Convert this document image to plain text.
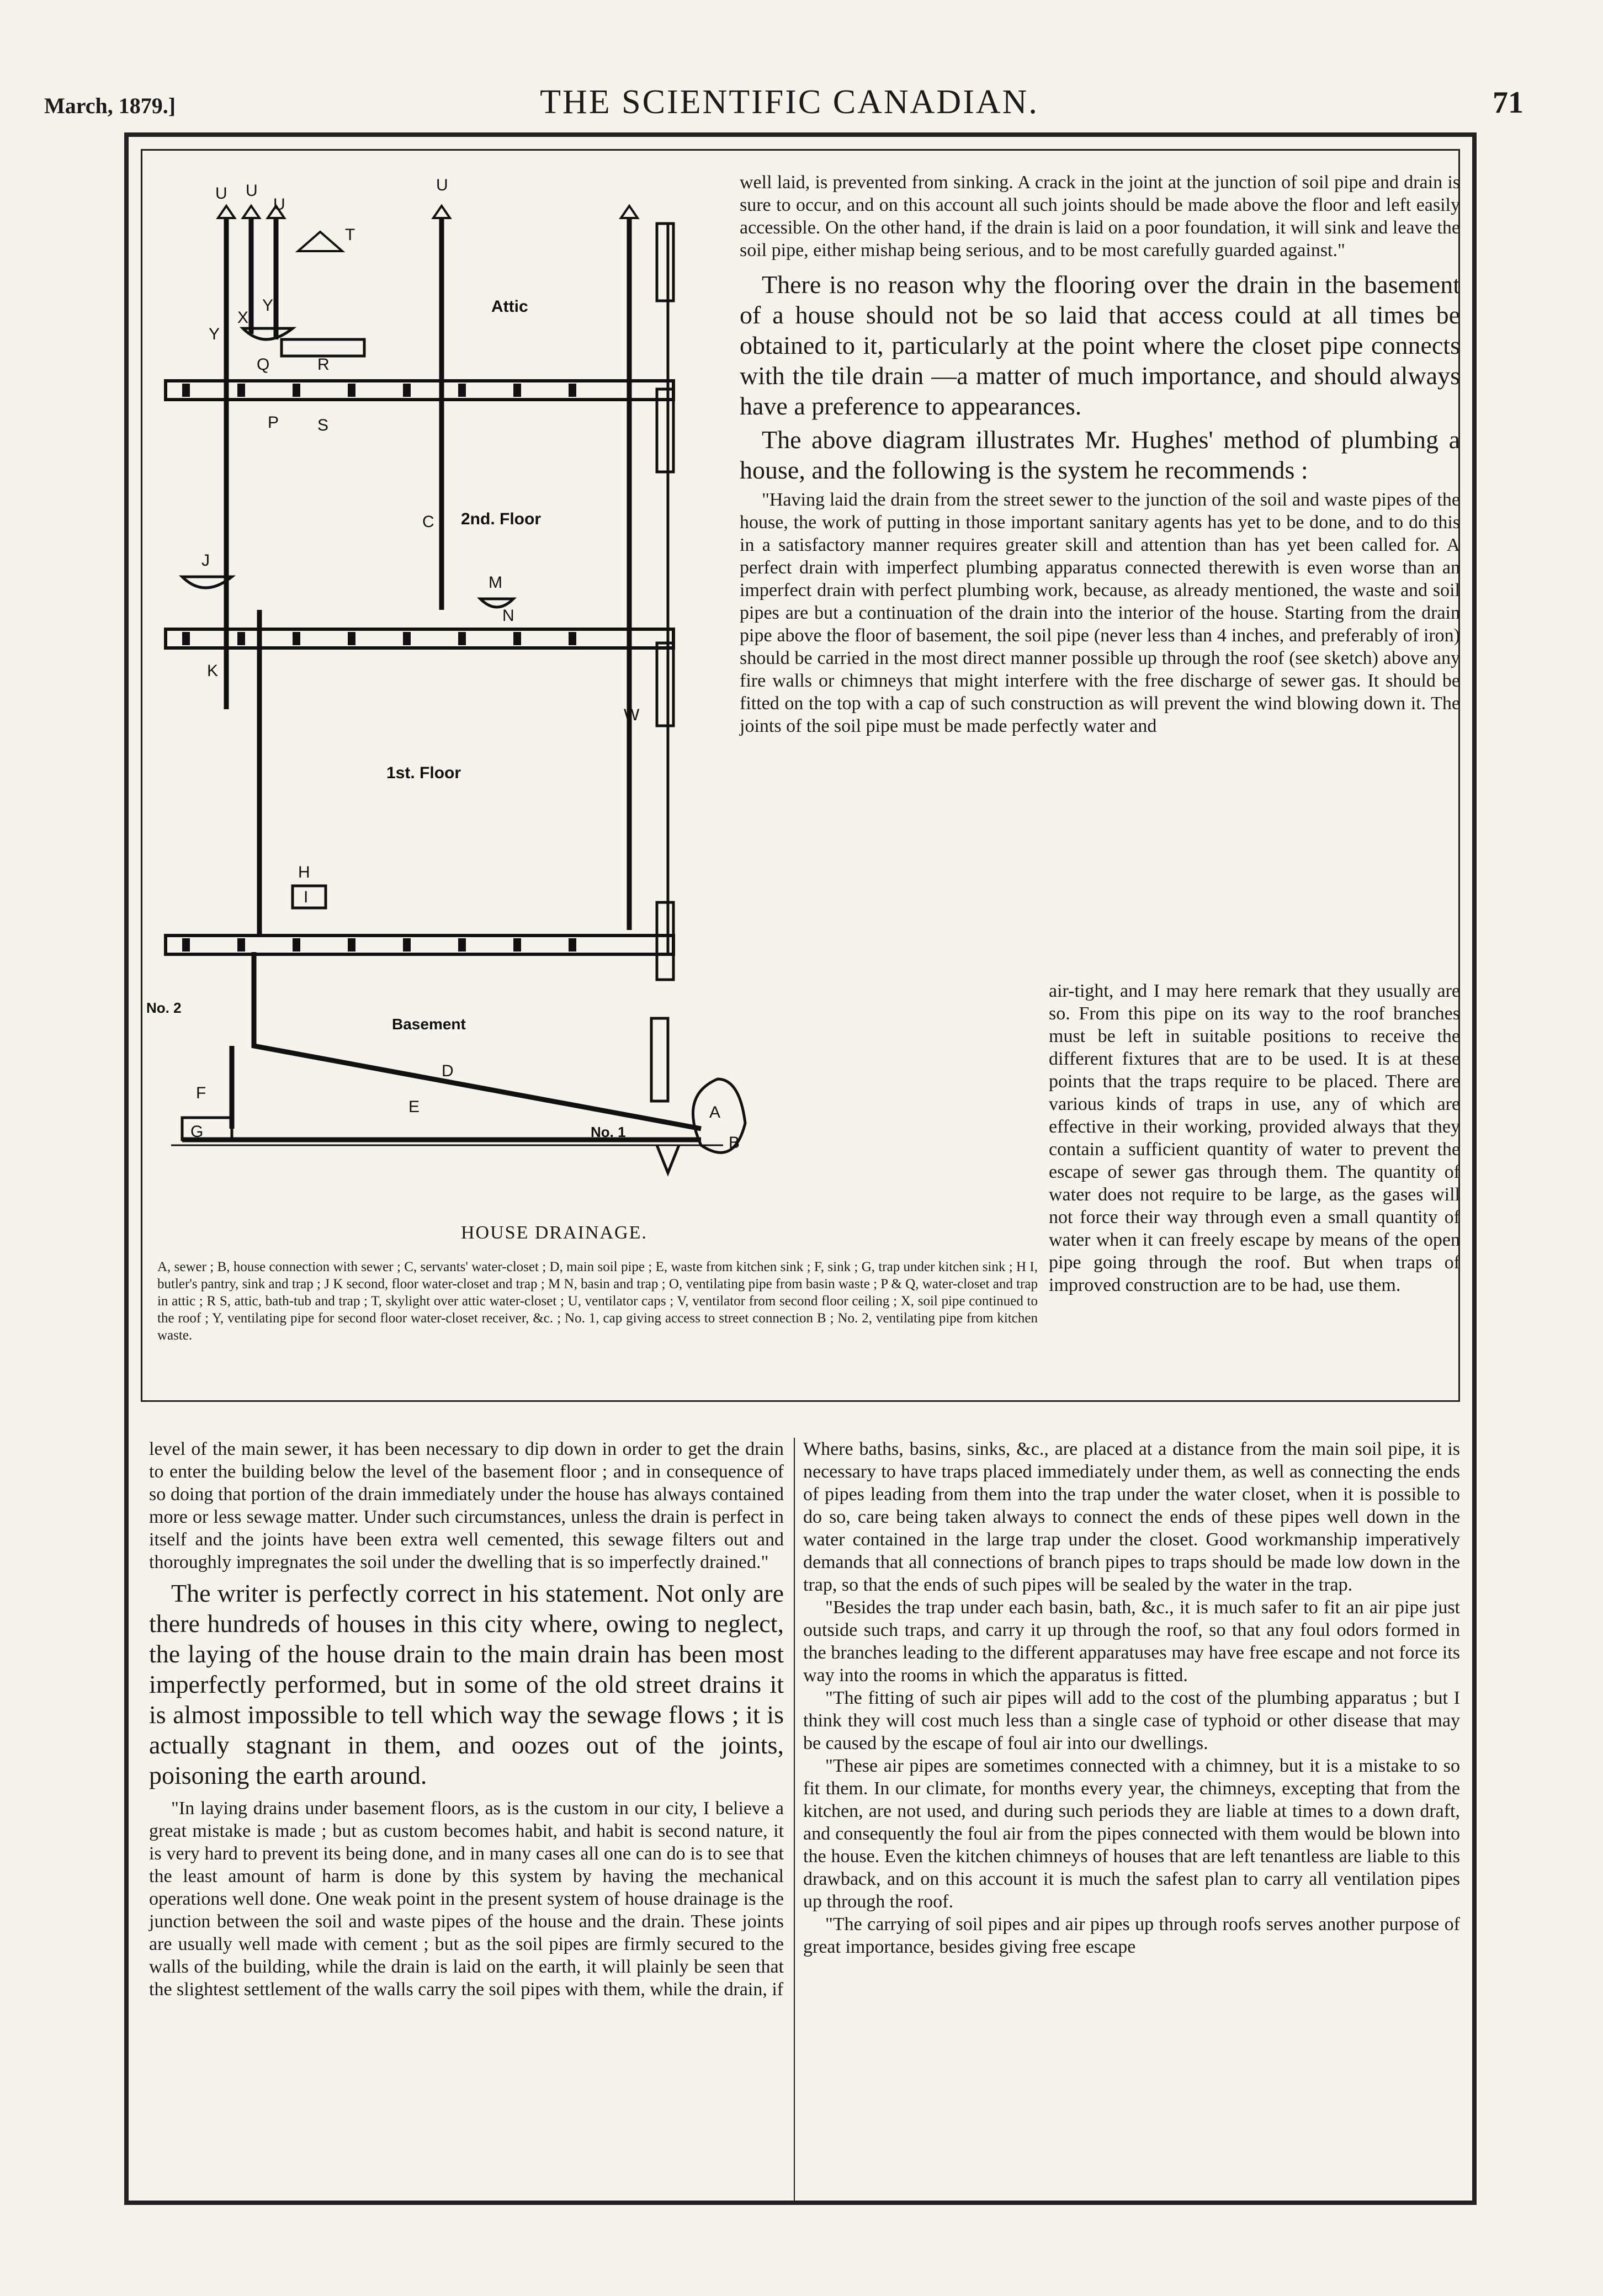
March, 1879.]	THE SCIENTIFIC CANADIAN.	71
Attic
2nd. Floor
1st. Floor
Basement
No. 1
No. 2
U U
U
U
T
Y
Y
X
Q	R
P S
C
M
N
J
K
W
H
I
F
G
D
E
B
A
HOUSE DRAINAGE.
A, sewer ; B, house connection with sewer ; C, servants' water-closet ; D, main soil pipe ; E, waste from kitchen sink ; F, sink ; G, trap under kitchen sink ; H I, butler's pantry, sink and trap ; J K second, floor water-closet and trap ; M N, basin and trap ; O, ventilating pipe from basin waste ; P & Q, water-closet and trap in attic ; R S, attic, bath-tub and trap ; T, skylight over attic water-closet ; U, ventilator caps ; V, ventilator from second floor ceiling ; X, soil pipe continued to the roof ; Y, ventilating pipe for second floor water-closet receiver, &c. ; No. 1, cap giving access to street connection B ; No. 2, ventilating pipe from kitchen waste.

well laid, is prevented from sinking. A crack in the joint at the junction of soil pipe and drain is sure to occur, and on this account all such joints should be made above the floor and left easily accessible. On the other hand, if the drain is laid on a poor foundation, it will sink and leave the soil pipe, either mishap being serious, and to be most carefully guarded against."

There is no reason why the flooring over the drain in the basement of a house should not be so laid that access could at all times be obtained to it, particularly at the point where the closet pipe connects with the tile drain —a matter of much importance, and should always have a preference to appearances.

The above diagram illustrates Mr. Hughes' method of plumbing a house, and the following is the system he recommends :

"Having laid the drain from the street sewer to the junction of the soil and waste pipes of the house, the work of putting in those important sanitary agents has yet to be done, and to do this in a satisfactory manner requires greater skill and attention than has yet been called for. A perfect drain with imperfect plumbing apparatus connected therewith is even worse than an imperfect drain with perfect plumbing work, because, as already mentioned, the waste and soil pipes are but a continuation of the drain into the interior of the house. Starting from the drain pipe above the floor of basement, the soil pipe (never less than 4 inches, and preferably of iron) should be carried in the most direct manner possible up through the roof (see sketch) above any fire walls or chimneys that might interfere with the free discharge of sewer gas. It should be fitted on the top with a cap of such construction as will prevent the wind blowing down it. The joints of the soil pipe must be made perfectly water and

air-tight, and I may here remark that they usually are so. From this pipe on its way to the roof branches must be left in suitable positions to receive the different fixtures that are to be used. It is at these points that the traps require to be placed. There are various kinds of traps in use, any of which are effective in their working, provided always that they contain a sufficient quantity of water to prevent the escape of sewer gas through them. The quantity of water does not require to be large, as the gases will not force their way through even a small quantity of water when it can freely escape by means of the open pipe going through the roof. But when traps of improved construction are to be had, use them.

level of the main sewer, it has been necessary to dip down in order to get the drain to enter the building below the level of the basement floor ; and in consequence of so doing that portion of the drain immediately under the house has always contained more or less sewage matter. Under such circumstances, unless the drain is perfect in itself and the joints have been extra well cemented, this sewage filters out and thoroughly impregnates the soil under the dwelling that is so imperfectly drained."

The writer is perfectly correct in his statement. Not only are there hundreds of houses in this city where, owing to neglect, the laying of the house drain to the main drain has been most imperfectly performed, but in some of the old street drains it is almost impossible to tell which way the sewage flows ; it is actually stagnant in them, and oozes out of the joints, poisoning the earth around.

"In laying drains under basement floors, as is the custom in our city, I believe a great mistake is made ; but as custom becomes habit, and habit is second nature, it is very hard to prevent its being done, and in many cases all one can do is to see that the least amount of harm is done by this system by having the mechanical operations well done. One weak point in the present system of house drainage is the junction between the soil and waste pipes of the house and the drain. These joints are usually well made with cement ; but as the soil pipes are firmly secured to the walls of the building, while the drain is laid on the earth, it will plainly be seen that the slightest settlement of the walls carry the soil pipes with them, while the drain, if

Where baths, basins, sinks, &c., are placed at a distance from the main soil pipe, it is necessary to have traps placed immediately under them, as well as connecting the ends of pipes leading from them into the trap under the water closet, when it is possible to do so, care being taken always to connect the ends of these pipes well down in the water contained in the large trap under the closet. Good workmanship imperatively demands that all connections of branch pipes to traps should be made low down in the trap, so that the ends of such pipes will be sealed by the water in the trap.

"Besides the trap under each basin, bath, &c., it is much safer to fit an air pipe just outside such traps, and carry it up through the roof, so that any foul odors formed in the branches leading to the different apparatuses may have free escape and not force its way into the rooms in which the apparatus is fitted.

"The fitting of such air pipes will add to the cost of the plumbing apparatus ; but I think they will cost much less than a single case of typhoid or other disease that may be caused by the escape of foul air into our dwellings.

"These air pipes are sometimes connected with a chimney, but it is a mistake to so fit them. In our climate, for months every year, the chimneys, excepting that from the kitchen, are not used, and during such periods they are liable at times to a down draft, and consequently the foul air from the pipes connected with them would be blown into the house. Even the kitchen chimneys of houses that are left tenantless are liable to this drawback, and on this account it is much the safest plan to carry all ventilation pipes up through the roof.

"The carrying of soil pipes and air pipes up through roofs serves another purpose of great importance, besides giving free escape
